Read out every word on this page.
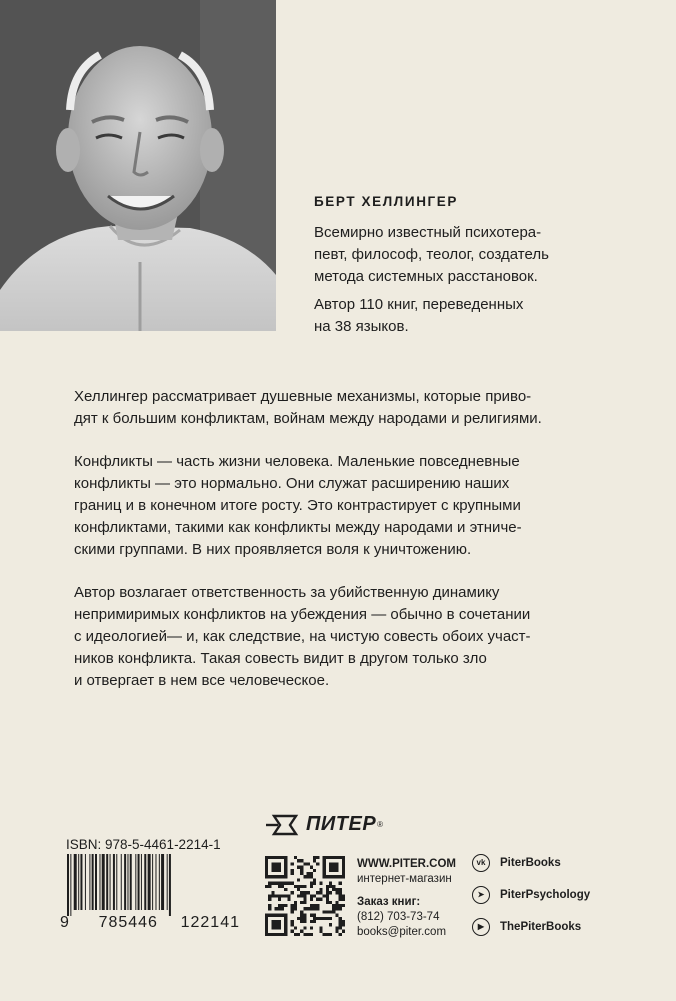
БЕРТ ХЕЛЛИНГЕР

Всемирно известный психотера-
певт, философ, теолог, создатель
метода системных расстановок.

Автор 110 книг, переведенных
на 38 языков.

Хеллингер рассматривает душевные механизмы, которые приво-
дят к большим конфликтам, войнам между народами и религиями.

Конфликты — часть жизни человека. Маленькие повседневные
конфликты — это нормально. Они служат расширению наших
границ и в конечном итоге росту. Это контрастирует с крупными
конфликтами, такими как конфликты между народами и этниче-
скими группами. В них проявляется воля к уничтожению.

Автор возлагает ответственность за убийственную динамику
непримиримых конфликтов на убеждения — обычно в сочетании
с идеологией— и, как следствие, на чистую совесть обоих участ-
ников конфликта. Такая совесть видит в другом только зло
и отвергает в нем все человеческое.

ISBN: 978-5-4461-2214-1
9 785446 122141
ПИТЕР ®
WWW.PITER.COM
интернет-магазин
Заказ книг:
(812) 703-73-74
books@piter.com
vk	PiterBooks
➤	PiterPsychology
▶	ThePiterBooks
